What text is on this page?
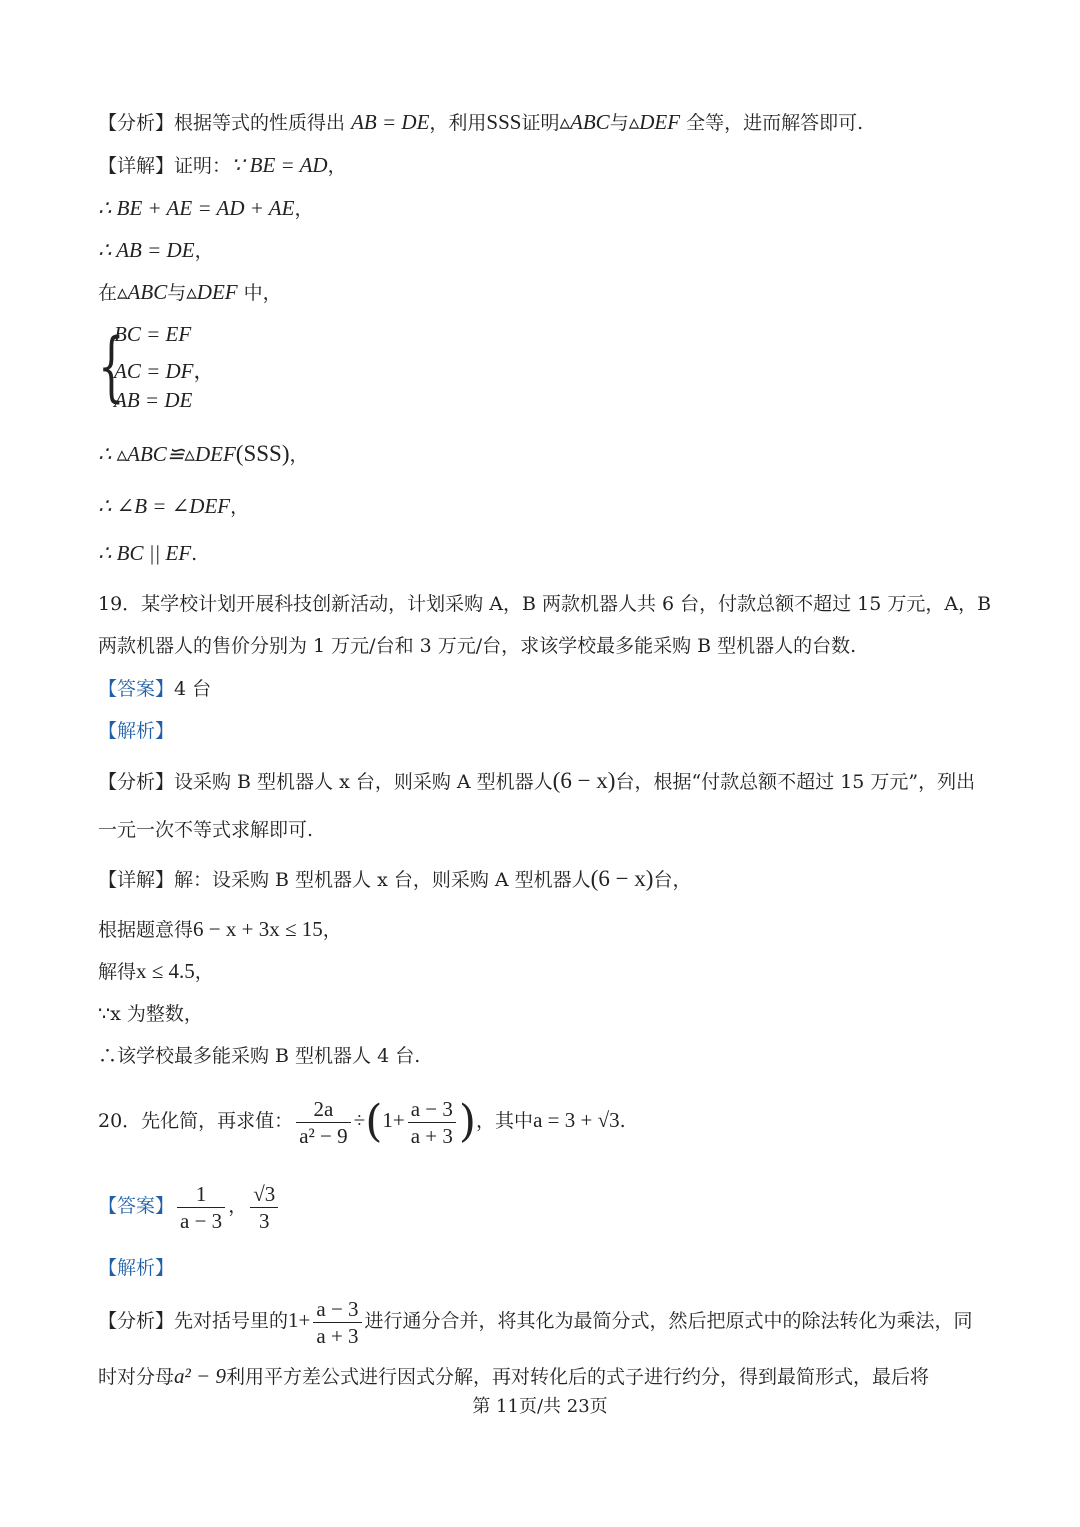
【分析】根据等式的性质得出 AB = DE，利用SSS证明▵ABC与▵DEF 全等，进而解答即可.
【详解】证明：∵ BE = AD，
∴ BE + AE = AD + AE，
∴ AB = DE，
在▵ABC与▵DEF 中，
{
BC = EF
AC = DF，
AB = DE
∴ ▵ABC≌▵DEF(SSS)，
∴ ∠B = ∠DEF，
∴ BC || EF.
19．某学校计划开展科技创新活动，计划采购 A，B 两款机器人共 6 台，付款总额不超过 15 万元，A，B
两款机器人的售价分别为 1 万元/台和 3 万元/台，求该学校最多能采购 B 型机器人的台数.
【答案】4 台
【解析】
【分析】设采购 B 型机器人 x 台，则采购 A 型机器人(6 − x)台，根据“付款总额不超过 15 万元”，列出
一元一次不等式求解即可.
【详解】解：设采购 B 型机器人 x 台，则采购 A 型机器人(6 − x)台，
根据题意得6 − x + 3x ≤ 15，
解得x ≤ 4.5，
∵x 为整数，
∴该学校最多能采购 B 型机器人 4 台.
20．先化简，再求值： $\frac{2a}{\text{a² − 9}} \div(1+ \frac{a - 3}{a + 3}$ )，其中a = 3 + √3.
【答案】 $\frac{1}{a - 3}$ ， $\frac{√3}{3}$
【解析】
【分析】先对括号里的$1+ \frac{a - 3}{a + 3}$ 进行通分合并，将其化为最简分式，然后把原式中的除法转化为乘法，同
时对分母a² − 9利用平方差公式进行因式分解，再对转化后的式子进行约分，得到最简形式，最后将
第 11页/共 23页
